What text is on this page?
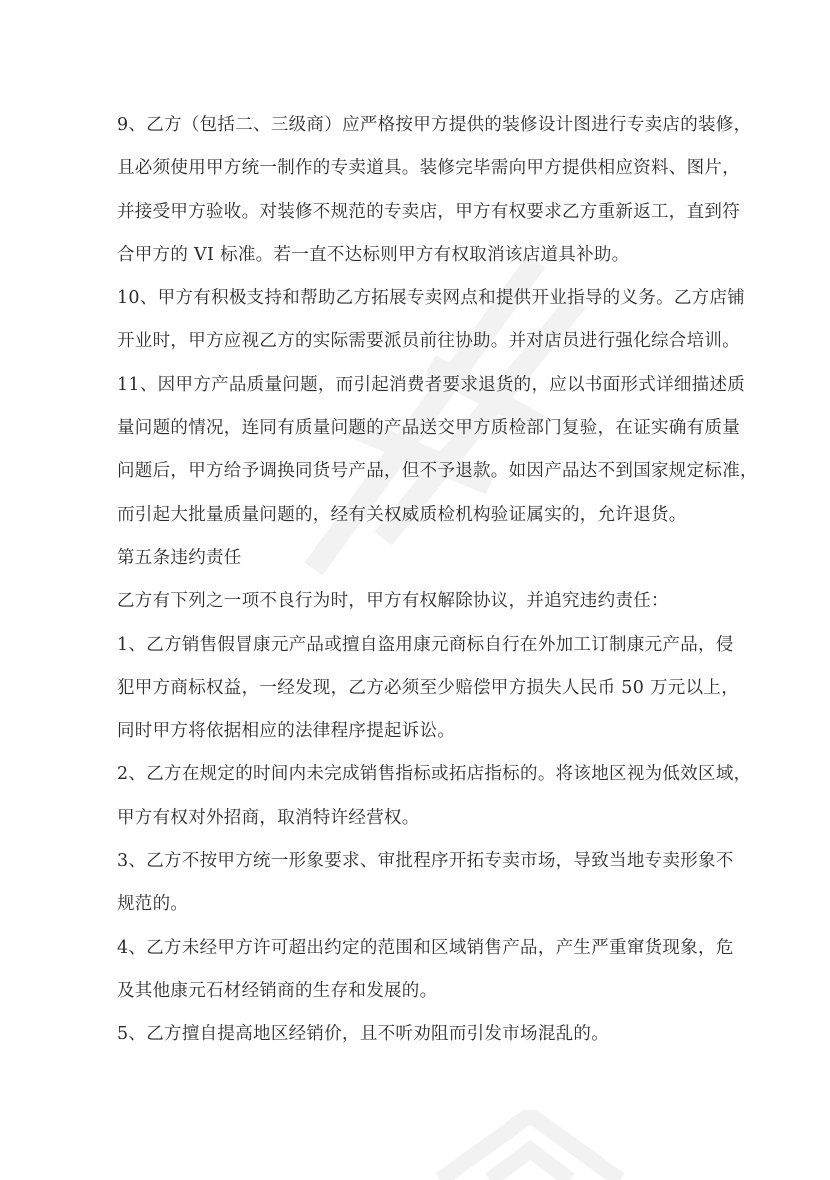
9、乙方（包括二、三级商）应严格按甲方提供的装修设计图进行专卖店的装修，
且必须使用甲方统一制作的专卖道具。装修完毕需向甲方提供相应资料、图片，
并接受甲方验收。对装修不规范的专卖店，甲方有权要求乙方重新返工，直到符
合甲方的 VI 标准。若一直不达标则甲方有权取消该店道具补助。
10、甲方有积极支持和帮助乙方拓展专卖网点和提供开业指导的义务。乙方店铺
开业时，甲方应视乙方的实际需要派员前往协助。并对店员进行强化综合培训。
11、因甲方产品质量问题，而引起消费者要求退货的，应以书面形式详细描述质
量问题的情况，连同有质量问题的产品送交甲方质检部门复验，在证实确有质量
问题后，甲方给予调换同货号产品，但不予退款。如因产品达不到国家规定标准，
而引起大批量质量问题的，经有关权威质检机构验证属实的，允许退货。
第五条违约责任
乙方有下列之一项不良行为时，甲方有权解除协议，并追究违约责任：
1、乙方销售假冒康元产品或擅自盗用康元商标自行在外加工订制康元产品，侵
犯甲方商标权益，一经发现，乙方必须至少赔偿甲方损失人民币 50 万元以上，
同时甲方将依据相应的法律程序提起诉讼。
2、乙方在规定的时间内未完成销售指标或拓店指标的。将该地区视为低效区域，
甲方有权对外招商，取消特许经营权。
3、乙方不按甲方统一形象要求、审批程序开拓专卖市场，导致当地专卖形象不
规范的。
4、乙方未经甲方许可超出约定的范围和区域销售产品，产生严重窜货现象，危
及其他康元石材经销商的生存和发展的。
5、乙方擅自提高地区经销价，且不听劝阻而引发市场混乱的。
